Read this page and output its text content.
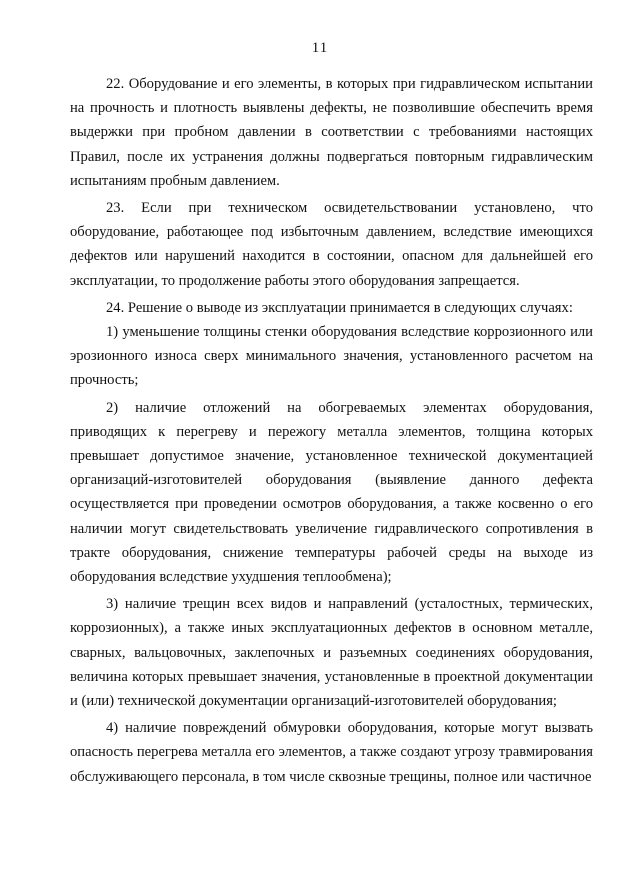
11

22. Оборудование и его элементы, в которых при гидравлическом испытании на прочность и плотность выявлены дефекты, не позволившие обеспечить время выдержки при пробном давлении в соответствии с требованиями настоящих Правил, после их устранения должны подвергаться повторным гидравлическим испытаниям пробным давлением.

23. Если при техническом освидетельствовании установлено, что оборудование, работающее под избыточным давлением, вследствие имеющихся дефектов или нарушений находится в состоянии, опасном для дальнейшей его эксплуатации, то продолжение работы этого оборудования запрещается.

24. Решение о выводе из эксплуатации принимается в следующих случаях:

1) уменьшение толщины стенки оборудования вследствие коррозионного или эрозионного износа сверх минимального значения, установленного расчетом на прочность;

2) наличие отложений на обогреваемых элементах оборудования, приводящих к перегреву и пережогу металла элементов, толщина которых превышает допустимое значение, установленное технической документацией организаций-изготовителей оборудования (выявление данного дефекта осуществляется при проведении осмотров оборудования, а также косвенно о его наличии могут свидетельствовать увеличение гидравлического сопротивления в тракте оборудования, снижение температуры рабочей среды на выходе из оборудования вследствие ухудшения теплообмена);

3) наличие трещин всех видов и направлений (усталостных, термических, коррозионных), а также иных эксплуатационных дефектов в основном металле, сварных, вальцовочных, заклепочных и разъемных соединениях оборудования, величина которых превышает значения, установленные в проектной документации и (или) технической документации организаций-изготовителей оборудования;

4) наличие повреждений обмуровки оборудования, которые могут вызвать опасность перегрева металла его элементов, а также создают угрозу травмирования обслуживающего персонала, в том числе сквозные трещины, полное или частичное
